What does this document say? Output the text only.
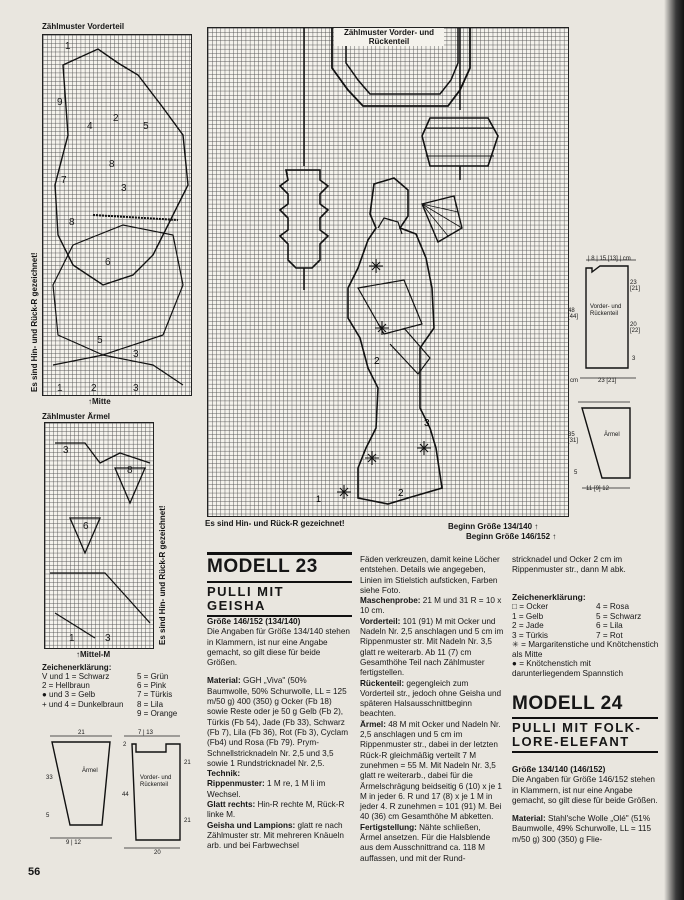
Zählmuster Vorderteil
1
9
4
2
5
7
8
3
8
6
5
3
1	2	3
Es sind Hin- und Rück-R gezeichnet!
↑Mitte
Zählmuster Ärmel
3
8
6
1	3	Es sind Hin- und Rück-R gezeichnet!
↑Mittel-M
Zeichenerklärung:
V und 1 = Schwarz	5 = Grün
2 = Hellbraun	6 = Pink
● und 3 = Gelb	7 = Türkis
+ und 4 = Dunkelbraun	8 = Lila
9 = Orange
21
Ärmel
33
5
9 | 12
7 | 13
Vorder- und Rückenteil
44
21
2
21
20
2
3
2
1
Zählmuster Vorder- und Rückenteil
Es sind Hin- und Rück-R gezeichnet!	Beginn Größe 134/140 ↑
Beginn Größe 146/152 ↑
| 8 | 15 [13] | cm
Vorder- und Rückenteil
48 [44]
23 [21]
20 [22]
3
23 [21]
cm
Ärmel
35 [31]
5
11 [9] 12
MODELL 23
PULLI MIT
GEISHA
Größe 146/152 (134/140)
Die Angaben für Größe 134/140 stehen in Klammern, ist nur eine Angabe gemacht, so gilt diese für beide Größen.
Material: GGH „Viva" (50% Baumwolle, 50% Schurwolle, LL = 125 m/50 g) 400 (350) g Ocker (Fb 18) sowie Reste oder je 50 g Gelb (Fb 2), Türkis (Fb 54), Jade (Fb 33), Schwarz (Fb 7), Lila (Fb 36), Rot (Fb 3), Cyclam (Fb4) und Rosa (Fb 79). Prym-Schnellstricknadeln Nr. 2,5 und 3,5 sowie 1 Rundstricknadel Nr. 2,5.
Technik:
Rippenmuster: 1 M re, 1 M li im Wechsel.
Glatt rechts: Hin-R rechte M, Rück-R linke M.
Geisha und Lampions: glatt re nach Zählmuster str. Mit mehreren Knäueln arb. und bei Farbwechsel
Fäden verkreuzen, damit keine Löcher entstehen. Details wie angegeben, Linien im Stielstich aufsticken, Farben siehe Foto.
Maschenprobe: 21 M und 31 R = 10 x 10 cm.
Vorderteil: 101 (91) M mit Ocker und Nadeln Nr. 2,5 anschlagen und 5 cm im Rippenmuster str. Mit Nadeln Nr. 3,5 glatt re weiterarb. Ab 11 (7) cm Gesamthöhe Teil nach Zählmuster fertigstellen.
Rückenteil: gegengleich zum Vorderteil str., jedoch ohne Geisha und späteren Halsausschnittbeginn beachten.
Ärmel: 48 M mit Ocker und Nadeln Nr. 2,5 anschlagen und 5 cm im Rippenmuster str., dabei in der letzten Rück-R gleichmäßig verteilt 7 M zunehmen = 55 M. Mit Nadeln Nr. 3,5 glatt re weiterarb., dabei für die Ärmelschrägung beidseitig 6 (10) x je 1 M in jeder 6. R und 17 (8) x je 1 M in jeder 4. R zunehmen = 101 (91) M. Bei 40 (36) cm Gesamthöhe M abketten.
Fertigstellung: Nähte schließen, Ärmel ansetzen. Für die Halsblende aus dem Ausschnittrand ca. 118 M auffassen, und mit der Rund-
stricknadel und Ocker 2 cm im Rippenmuster str., dann M abk.
Zeichenerklärung:
□ = Ocker	4 = Rosa
1 = Gelb	5 = Schwarz
2 = Jade	6 = Lila
3 = Türkis	7 = Rot
✳ = Margaritenstiche und Knötchenstich als Mitte
● = Knötchenstich mit darunterliegendem Spannstich
MODELL 24
PULLI MIT FOLK-
LORE-ELEFANT
Größe 134/140 (146/152)
Die Angaben für Größe 146/152 stehen in Klammern, ist nur eine Angabe gemacht, so gilt diese für beide Größen.
Material: Stahl'sche Wolle „Olé" (51% Baumwolle, 49% Schurwolle, LL = 115 m/50 g) 300 (350) g Flie-
56
